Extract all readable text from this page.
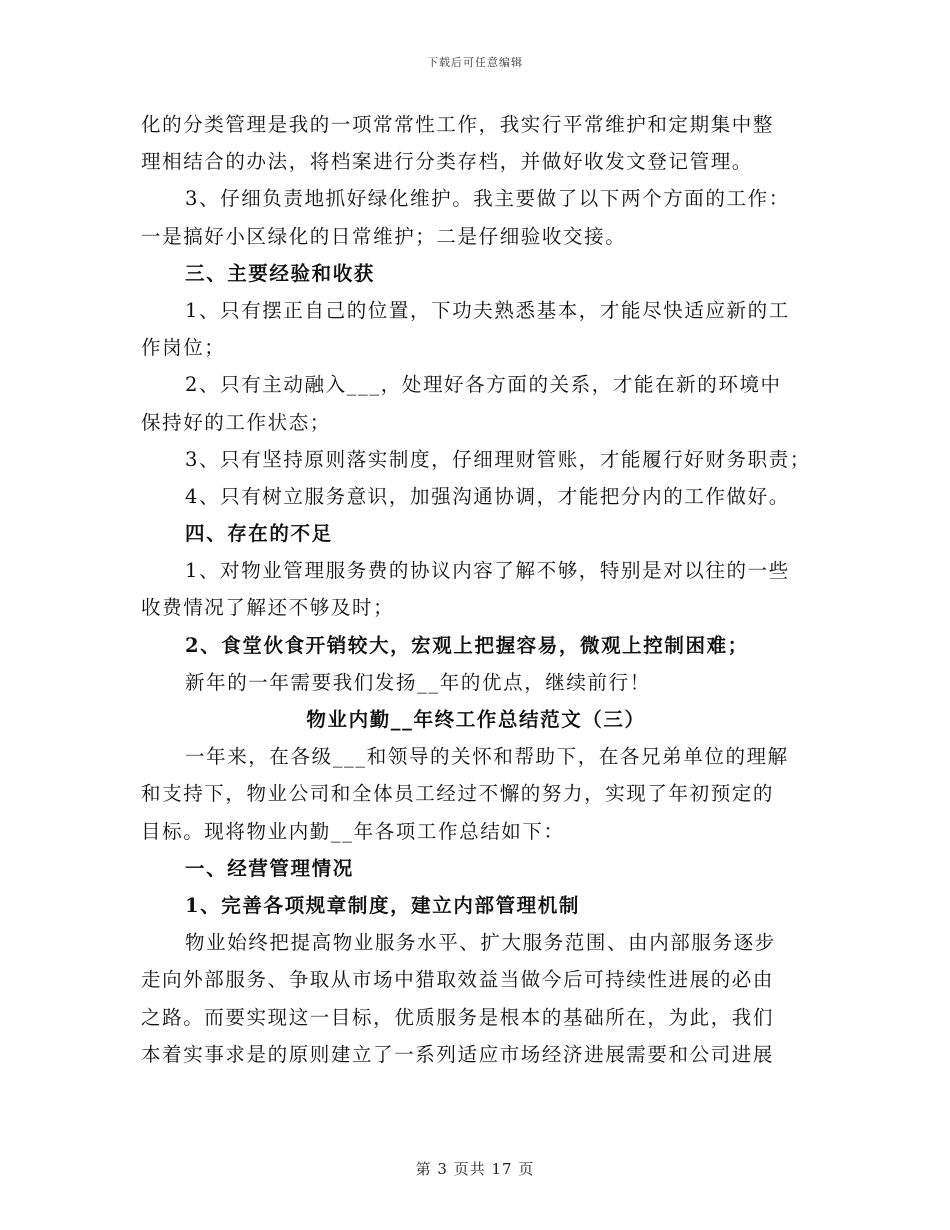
下载后可任意编辑
化的分类管理是我的一项常常性工作，我实行平常维护和定期集中整
理相结合的办法，将档案进行分类存档，并做好收发文登记管理。
3、仔细负责地抓好绿化维护。我主要做了以下两个方面的工作：
一是搞好小区绿化的日常维护；二是仔细验收交接。
三、主要经验和收获
1、只有摆正自己的位置，下功夫熟悉基本，才能尽快适应新的工
作岗位；
2、只有主动融入___，处理好各方面的关系，才能在新的环境中
保持好的工作状态；
3、只有坚持原则落实制度，仔细理财管账，才能履行好财务职责；
4、只有树立服务意识，加强沟通协调，才能把分内的工作做好。
四、存在的不足
1、对物业管理服务费的协议内容了解不够，特别是对以往的一些
收费情况了解还不够及时；
2、食堂伙食开销较大，宏观上把握容易，微观上控制困难；
新年的一年需要我们发扬__年的优点，继续前行！
物业内勤__年终工作总结范文（三）
一年来，在各级___和领导的关怀和帮助下，在各兄弟单位的理解
和支持下，物业公司和全体员工经过不懈的努力，实现了年初预定的
目标。现将物业内勤__年各项工作总结如下：
一、经营管理情况
1、完善各项规章制度，建立内部管理机制
物业始终把提高物业服务水平、扩大服务范围、由内部服务逐步
走向外部服务、争取从市场中猎取效益当做今后可持续性进展的必由
之路。而要实现这一目标，优质服务是根本的基础所在，为此，我们
本着实事求是的原则建立了一系列适应市场经济进展需要和公司进展
第 3 页共 17 页
